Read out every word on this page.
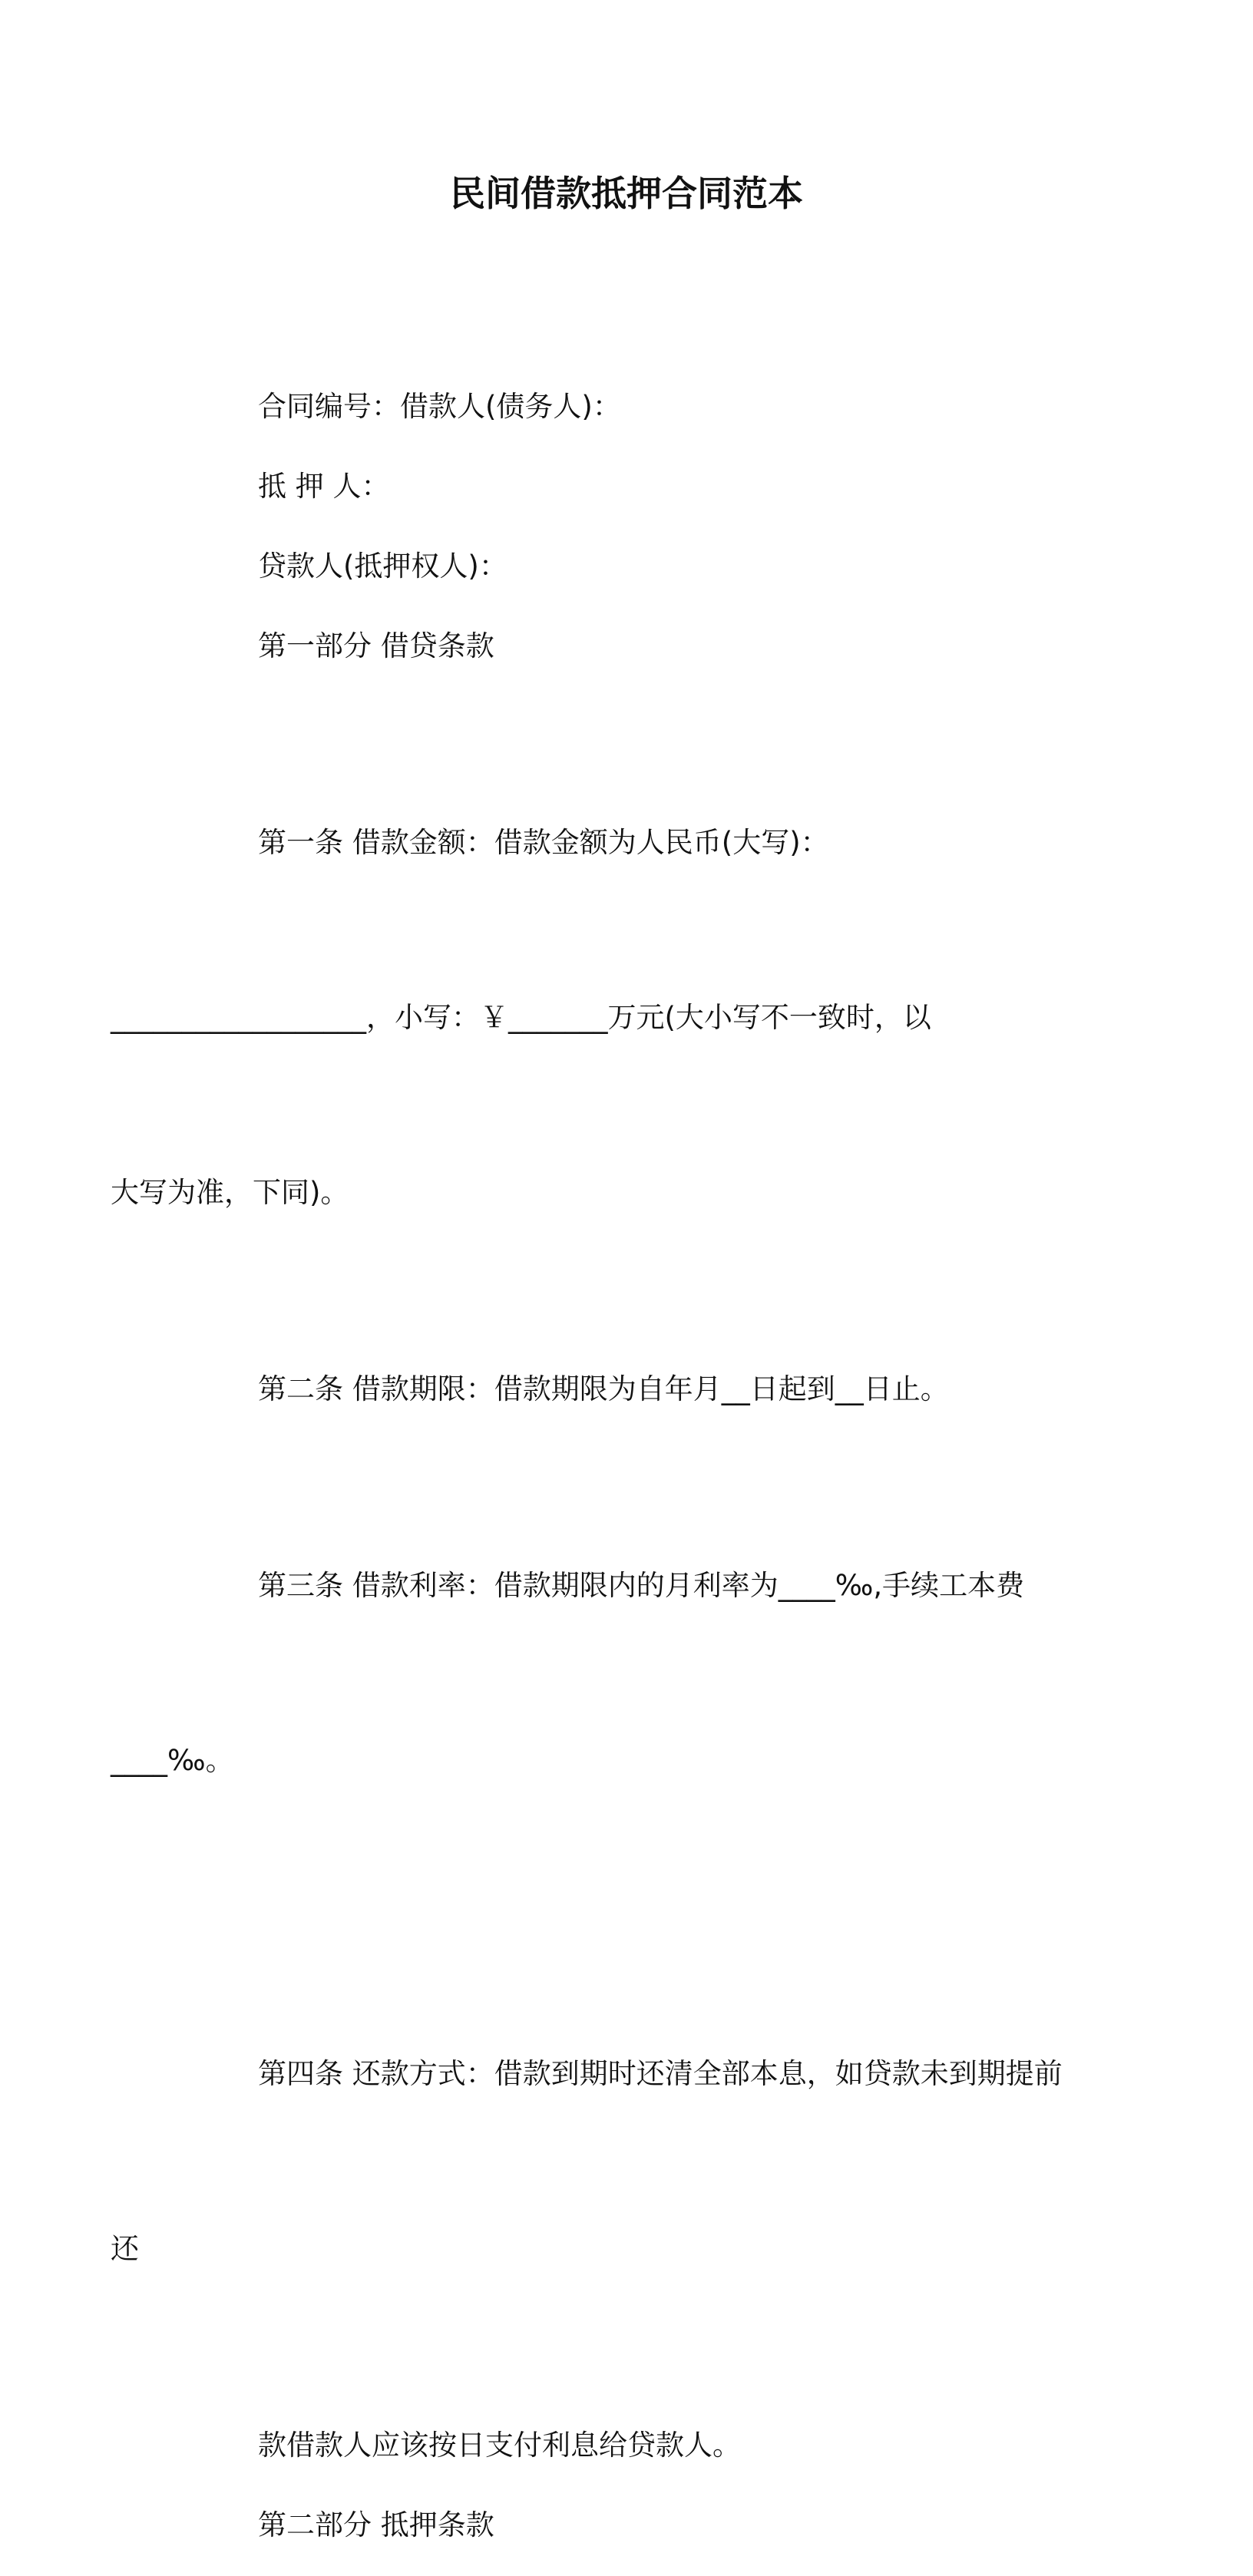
民间借款抵押合同范本

合同编号：借款人(债务人)：

抵 押 人：

贷款人(抵押权人)：

第一部分 借贷条款

第一条 借款金额：借款金额为人民币(大写)：

__________________，小写：￥_______万元(大小写不一致时，以

大写为准，下同)。

第二条 借款期限：借款期限为自年月__日起到__日止。

第三条 借款利率：借款期限内的月利率为____‰,手续工本费

____‰。

第四条 还款方式：借款到期时还清全部本息，如贷款未到期提前

还

款借款人应该按日支付利息给贷款人。

第二部分 抵押条款
